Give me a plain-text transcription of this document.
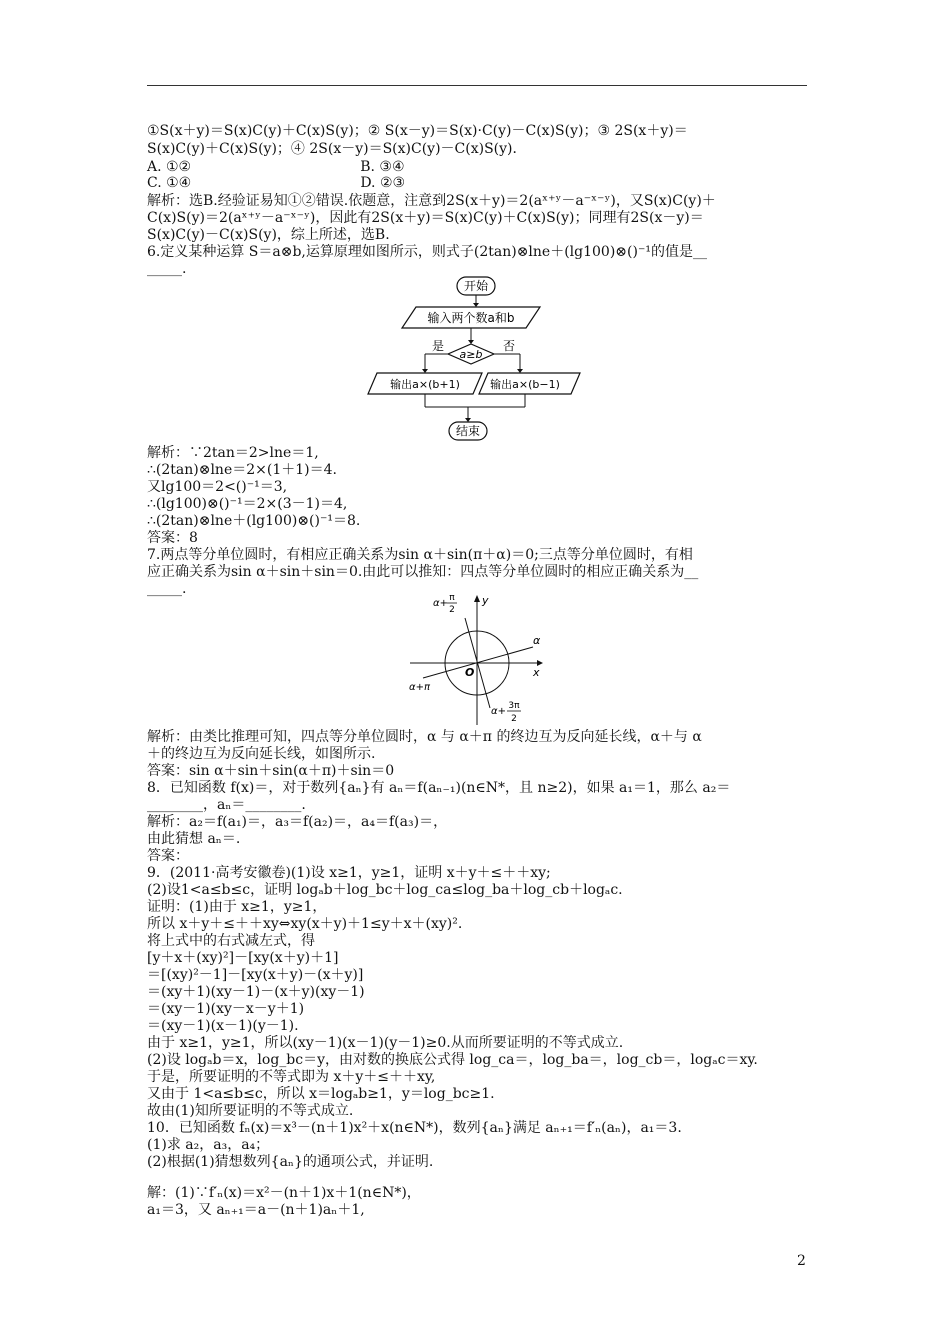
①S(x＋y)＝S(x)C(y)＋C(x)S(y)；② S(x－y)＝S(x)·C(y)－C(x)S(y)；③ 2S(x＋y)＝
S(x)C(y)＋C(x)S(y)；④ 2S(x－y)＝S(x)C(y)－C(x)S(y)．
A. ①②                                      B. ③④
C. ①④                                      D. ②③
解析：选B.经验证易知①②错误.依题意，注意到2S(x＋y)＝2(aˣ⁺ʸ－a⁻ˣ⁻ʸ)，又S(x)C(y)＋
C(x)S(y)＝2(aˣ⁺ʸ－a⁻ˣ⁻ʸ)，因此有2S(x＋y)＝S(x)C(y)＋C(x)S(y)；同理有2S(x－y)＝
S(x)C(y)－C(x)S(y)，综上所述，选B.
6.定义某种运算 S＝a⊗b,运算原理如图所示，则式子(2tan)⊗lne＋(lg100)⊗()⁻¹的值是__
_____.
开始
输入两个数a和b
a≥b
是	否
输出a×(b+1)	输出a×(b−1)
结束
解析：∵2tan＝2>lne＝1,
∴(2tan)⊗lne＝2×(1＋1)＝4.
又lg100＝2<()⁻¹＝3,
∴(lg100)⊗()⁻¹＝2×(3－1)＝4,
∴(2tan)⊗lne＋(lg100)⊗()⁻¹＝8.
答案：8
7.两点等分单位圆时，有相应正确关系为sin α＋sin(π＋α)＝0;三点等分单位圆时，有相
应正确关系为sin α＋sin＋sin＝0.由此可以推知：四点等分单位圆时的相应正确关系为__
_____.
y
x
O
α
α+π
α+ π
2
α+ 3π
2
解析：由类比推理可知，四点等分单位圆时，α 与 α＋π 的终边互为反向延长线，α＋与 α
＋的终边互为反向延长线，如图所示.
答案：sin α＋sin＋sin(α＋π)＋sin＝0
8．已知函数 f(x)＝，对于数列{aₙ}有 aₙ＝f(aₙ₋₁)(n∈N*，且 n≥2)，如果 a₁＝1，那么 a₂＝
________，aₙ＝________.
解析：a₂＝f(a₁)＝，a₃＝f(a₂)＝，a₄＝f(a₃)＝，
由此猜想 aₙ＝.
答案：
9．(2011·高考安徽卷)(1)设 x≥1，y≥1，证明 x＋y＋≤＋＋xy;
(2)设1<a≤b≤c，证明 logₐb＋log_bc＋log_ca≤log_ba＋log_cb＋logₐc.
证明：(1)由于 x≥1，y≥1，
所以 x＋y＋≤＋＋xy⇔xy(x＋y)＋1≤y＋x＋(xy)².
将上式中的右式减左式，得
[y＋x＋(xy)²]－[xy(x＋y)＋1]
＝[(xy)²－1]－[xy(x＋y)－(x＋y)]
＝(xy＋1)(xy－1)－(x＋y)(xy－1)
＝(xy－1)(xy－x－y＋1)
＝(xy－1)(x－1)(y－1).
由于 x≥1，y≥1，所以(xy－1)(x－1)(y－1)≥0.从而所要证明的不等式成立.
(2)设 logₐb＝x，log_bc＝y，由对数的换底公式得 log_ca＝，log_ba＝，log_cb＝，logₐc＝xy.
于是，所要证明的不等式即为 x＋y＋≤＋＋xy,
又由于 1<a≤b≤c，所以 x＝logₐb≥1，y＝log_bc≥1.
故由(1)知所要证明的不等式成立.
10．已知函数 fₙ(x)＝x³－(n＋1)x²＋x(n∈N*)，数列{aₙ}满足 aₙ₊₁＝f′ₙ(aₙ)，a₁＝3.
(1)求 a₂，a₃，a₄；
(2)根据(1)猜想数列{aₙ}的通项公式，并证明.
解：(1)∵f′ₙ(x)＝x²－(n＋1)x＋1(n∈N*)，
a₁＝3，又 aₙ₊₁＝a－(n＋1)aₙ＋1,
2
